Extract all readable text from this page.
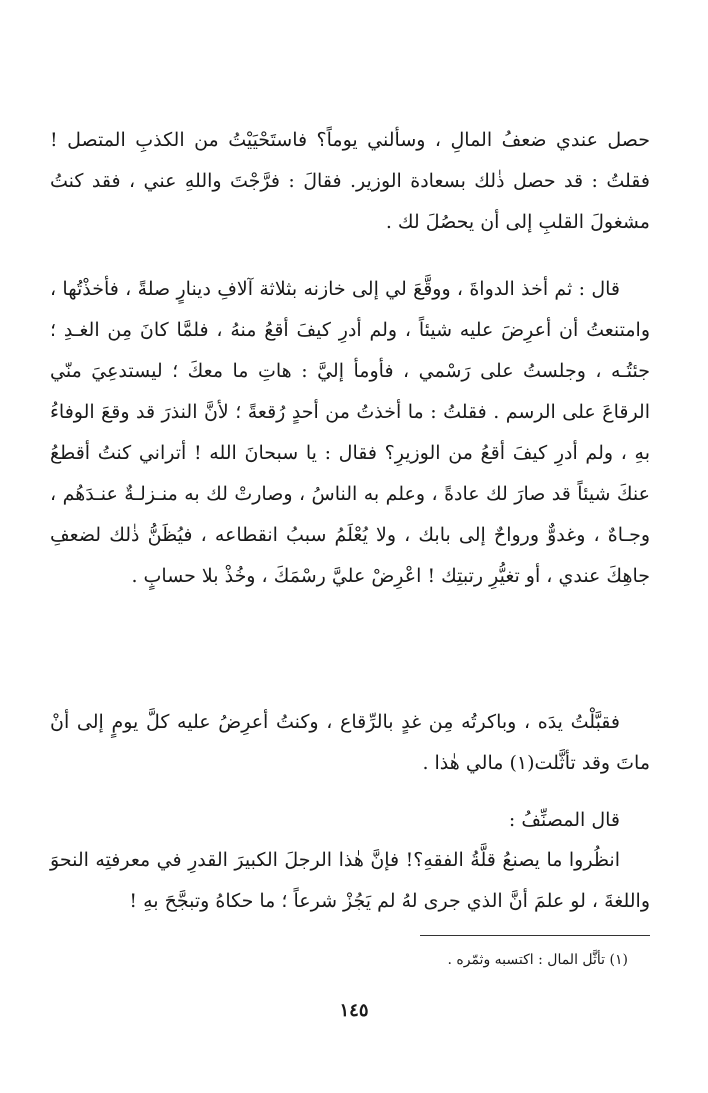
حصل عندي ضعفُ المالِ ، وسألني يوماً؟ فاستَحْيَيْتُ من الكذبِ المتصل ! فقلتُ : قد حصل ذٰلك بسعادة الوزير. فقالَ : فرَّجْتَ واللهِ عني ، فقد كنتُ مشغولَ القلبِ إلى أن يحصُلَ لك .

قال : ثم أخذ الدواةَ ، ووقَّعَ لي إلى خازنه بثلاثة آلافِ دينارٍ صلةً ، فأخذْتُها ، وامتنعتُ أن أعرِضَ عليه شيئاً ، ولم أدرِ كيفَ أقعُ منهُ ، فلمَّا كانَ مِن الغـدِ ؛ جئتُـه ، وجلستُ على رَسْمي ، فأومأ إليَّ : هاتِ ما معكَ ؛ ليستدعِيَ منّي الرقاعَ على الرسم . فقلتُ : ما أخذتُ من أحدٍ رُقعةً ؛ لأنَّ النذرَ قد وقعَ الوفاءُ بهِ ، ولم أدرِ كيفَ أقعُ من الوزيرِ؟ فقال : يا سبحانَ الله ! أتراني كنتُ أقطعُ عنكَ شيئاً قد صارَ لك عادةً ، وعلم به الناسُ ، وصارتْ لك به منـزلـةٌ عنـدَهُم ، وجـاهٌ ، وغدوٌّ ورواحٌ إلى بابك ، ولا يُعْلَمُ سببُ انقطاعه ، فيُظَنُّ ذٰلك لضعفِ جاهِكَ عندي ، أو تغيُّرِ رتبتِك ! اعْرِضْ عليَّ رسْمَكَ ، وخُذْ بلا حسابٍ .

فقبَّلْتُ يدَه ، وباكرتُه مِن غدٍ بالرِّقاع ، وكنتُ أعرِضُ عليه كلَّ يومٍ إلى أنْ ماتَ وقد تأثَّلت(١) مالي هٰذا .

قال المصنِّفُ :

انظُروا ما يصنعُ قلَّةُ الفقهِ؟! فإنَّ هٰذا الرجلَ الكبيرَ القدرِ في معرفتِه النحوَ واللغةَ ، لو علمَ أنَّ الذي جرى لهُ لم يَجُزْ شرعاً ؛ ما حكاهُ وتبجَّحَ بهِ !

(١) تأثَّل المال : اكتسبه وثمّره .
١٤٥
